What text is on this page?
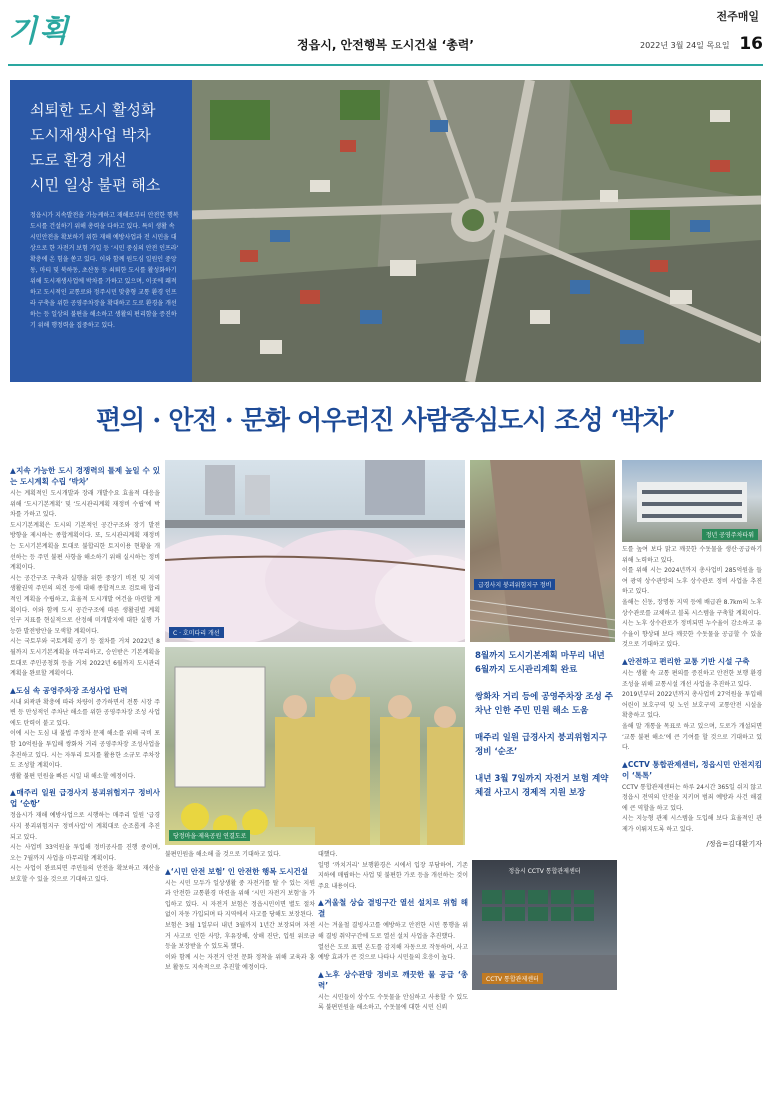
기획	정읍시, 안전행복 도시건설 ‘총력’
전주매일
2022년 3월 24일 목요일 16
쇠퇴한 도시 활성화
도시재생사업 박차
도로 환경 개선
시민 일상 불편 해소
정읍시가 지속발전을 가능케하고 재해로부터 안전한 행복 도시를 건설하기 위해 총력을 다하고 있다. 특히 생활 속 시민안전을 확보하기 위한 재해 예방사업과 전 시민을 대상으로 한 자전거 보험 가입 등 ‘시민 중심의 안전 인프라’ 확충에 온 힘을 쏟고 있다. 이와 함께 원도심 일원인 중앙동, 마티 및 북하동, 초산동 등 쇠퇴한 도시를 활성화하기 위해 도시재생사업에 박차를 가하고 있으며, 이곳에 쾌적하고 도시적인 교통로와 정주시민 맞춤형 교통 환경 인프라 구축을 위한 공영주차장을 확대하고 도로 환경을 개선하는 등 일상의 불편을 해소하고 생활의 편리함을 증진하기 위해 행정력을 집중하고 있다.
편의 · 안전 · 문화 어우러진 사람중심도시 조성 ‘박차’
▲지속 가능한 도시 경쟁력의 틀제 높일 수 있는 도시계획 수립 ‘박차’

시는 계획적인 도시개발과 장래 개발수요 효율적 대응을 위해 ‘도시기본계획’ 및 ‘도시관리계획 재정비 수립’에 박차를 가하고 있다.

도시기본계획은 도시의 기본적인 공간구조와 장기 발전 방향을 제시하는 종합계획이다. 또, 도시관리계획 재정비는 도시기본계획을 토대로 불합리한 토지이용 현황을 개선하는 등 주민 불편 사항을 해소하기 위해 실시하는 정비계획이다.

시는 공간구조 구축과 실행을 위한 중장기 비전 및 지역 생활권역 주민의 의견 등에 대해 종합적으로 검토해 합리적인 계획을 수립하고, 효율적 도시개발 여건을 마련할 계획이다. 이와 함께 도시 공간구조에 따른 생활권별 계획 인구 지표를 현실적으로 산정해 미개발지에 대한 실행 가능한 발전방안을 모색할 계획이다.

시는 국토부와 국토계획 공기 등 절차를 거쳐 2022년 8월까지 도시기본계획을 마무리하고, 승인받은 기본계획을 토대로 주민공청회 등을 거쳐 2022년 6월까지 도시관리계획을 완료할 계획이다.

▲도심 속 공영주차장 조성사업 탄력

시내 외곽관 확충에 따라 차량이 증가하면서 전통 시장 주변 등 만성적인 주차난 해소를 위한 공영주차장 조성 사업에도 탄력이 붙고 있다.

이에 시는 도심 내 불법 주정차 문제 해소를 위해 국비 포함 10억원을 투입해 쌍화차 거리 공영주차장 조성사업을 추진하고 있다. 시는 자투리 토지를 활용한 소규모 주차장도 조성할 계획이다.

생활 불편 민원을 빠른 시일 내 해소할 예정이다.

▲매주리 일원 급경사지 붕괴위험지구 정비사업 ‘순항’

정읍시가 재해 예방사업으로 시행하는 매주리 일원 ‘급경사지 붕괴위험지구 정비사업’이 계획대로 순조롭게 추진되고 있다.

시는 사업비 33억원을 투입해 정비공사를 진행 중이며, 오는 7월까지 사업을 마무리할 계획이다.

시는 사업이 완료되면 주민들의 안전을 확보하고 재산을 보호할 수 있을 것으로 기대하고 있다.

C · 호미다리 개선
급경사지 붕괴위험지구 정비
정년 공영주차타워

도를 높여 보다 맑고 깨끗한 수돗물을 생산·공급하기 위해 노력하고 있다.

이를 위해 시는 2024년까지 총사업비 285억원을 들여 광역 상수관망의 노후 상수관로 정비 사업을 추진하고 있다.

올해는 신동, 장명동 지역 등에 배급관 8.7km의 노후 상수관로를 교체하고 블록 시스템을 구축할 계획이다.

시는 노후 상수관로가 정비되면 누수율이 감소하고 유수율이 향상돼 보다 깨끗한 수돗물을 공급할 수 있을 것으로 기대하고 있다.

▲안전하고 편리한 교통 기반 시설 구축

시는 생활 속 교통 편의를 증진하고 안전한 보행 환경 조성을 위해 교통시설 개선 사업을 추진하고 있다.

2019년부터 2022년까지 총사업비 27억원을 투입해 어린이 보호구역 및 노인 보호구역 교통안전 시설을 확충하고 있다.

올해 말 개통을 목표로 하고 있으며, 도로가 개설되면 ‘교통 불편 해소’에 큰 기여를 할 것으로 기대하고 있다.

▲CCTV 통합관제센터, 정읍시민 안전지킴이 ‘톡톡’

CCTV 통합관제센터는 하루 24시간 365일 쉬지 않고 정읍시 전역의 안전을 지키며 범죄 예방과 사건 해결에 큰 역할을 하고 있다.

시는 지능형 관제 시스템을 도입해 보다 효율적인 관제가 이뤄지도록 하고 있다.

/정읍=김대환기자
당정마을·제육공원 연결도로
8월까지 도시기본계획 마무리 내년 6월까지 도시관리계획 완료
쌍화차 거리 등에 공영주차장 조성 주차난 인한 주민 민원 해소 도움
매주리 일원 급경사지 붕괴위험지구 정비 ‘순조’
내년 3월 7일까지 자전거 보험 계약 체결 사고시 경제적 지원 보장

불편민원을 해소해 줄 것으로 기대하고 있다.

▲‘시민 안전 보험’ 인 안전한 행복 도시건설

시는 시민 모두가 일상생활 중 자전거를 탈 수 있는 지원과 안전한 교통환경 마련을 위해 ‘시민 자전거 보험’을 가입하고 있다. 시 자전거 보험은 정읍시민이면 별도 절차 없이 자동 가입되며 타 지역에서 사고를 당해도 보장된다.

보험은 3월 1일부터 내년 3월까지 1년간 보장되며 자전거 사고로 인한 사망, 후유장해, 상해 진단, 입원 위로금 등을 보장받을 수 있도록 했다.

이와 함께 시는 자전거 안전 문화 정착을 위해 교육과 홍보 활동도 지속적으로 추진할 예정이다.

대했다.

일명 ‘까치거리’ 보행환경은 시에서 입장 부담하여, 기존 지하에 매립하는 사업 및 불편한 가로 등을 개선하는 것이 주요 내용이다.

▲겨울철 상습 결빙구간 열선 설치로 위험 해결

시는 겨울철 결빙사고를 예방하고 안전한 시민 통행을 위해 결빙 취약구간에 도로 열선 설치 사업을 추진했다.

열선은 도로 표면 온도를 감지해 자동으로 작동하며, 사고 예방 효과가 큰 것으로 나타나 시민들의 호응이 높다.

▲노후 상수관망 정비로 깨끗한 물 공급 ‘총력’

시는 시민들이 상수도 수돗물을 안심하고 사용할 수 있도록 불편민원을 해소하고, 수돗물에 대한 시민 신뢰

정읍시 CCTV 통합관제센터
CCTV 통합관제센터
